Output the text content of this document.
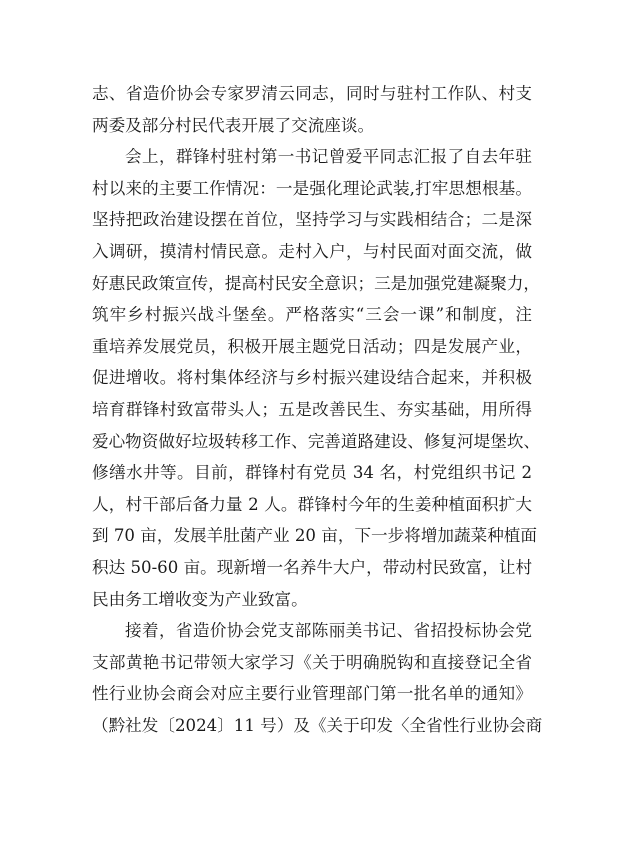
志、省造价协会专家罗清云同志，同时与驻村工作队、村支
两委及部分村民代表开展了交流座谈。
会上，群锋村驻村第一书记曾爱平同志汇报了自去年驻
村以来的主要工作情况：一是强化理论武装,打牢思想根基。
坚持把政治建设摆在首位，坚持学习与实践相结合；二是深
入调研，摸清村情民意。走村入户，与村民面对面交流，做
好惠民政策宣传，提高村民安全意识；三是加强党建凝聚力，
筑牢乡村振兴战斗堡垒。严格落实“三会一课”和制度，注
重培养发展党员，积极开展主题党日活动；四是发展产业，
促进增收。将村集体经济与乡村振兴建设结合起来，并积极
培育群锋村致富带头人；五是改善民生、夯实基础，用所得
爱心物资做好垃圾转移工作、完善道路建设、修复河堤堡坎、
修缮水井等。目前，群锋村有党员 34 名，村党组织书记 2
人，村干部后备力量 2 人。群锋村今年的生姜种植面积扩大
到 70 亩，发展羊肚菌产业 20 亩，下一步将增加蔬菜种植面
积达 50-60 亩。现新增一名养牛大户，带动村民致富，让村
民由务工增收变为产业致富。
接着，省造价协会党支部陈丽美书记、省招投标协会党
支部黄艳书记带领大家学习《关于明确脱钩和直接登记全省
性行业协会商会对应主要行业管理部门第一批名单的通知》
（黔社发〔2024〕11 号）及《关于印发〈全省性行业协会商
